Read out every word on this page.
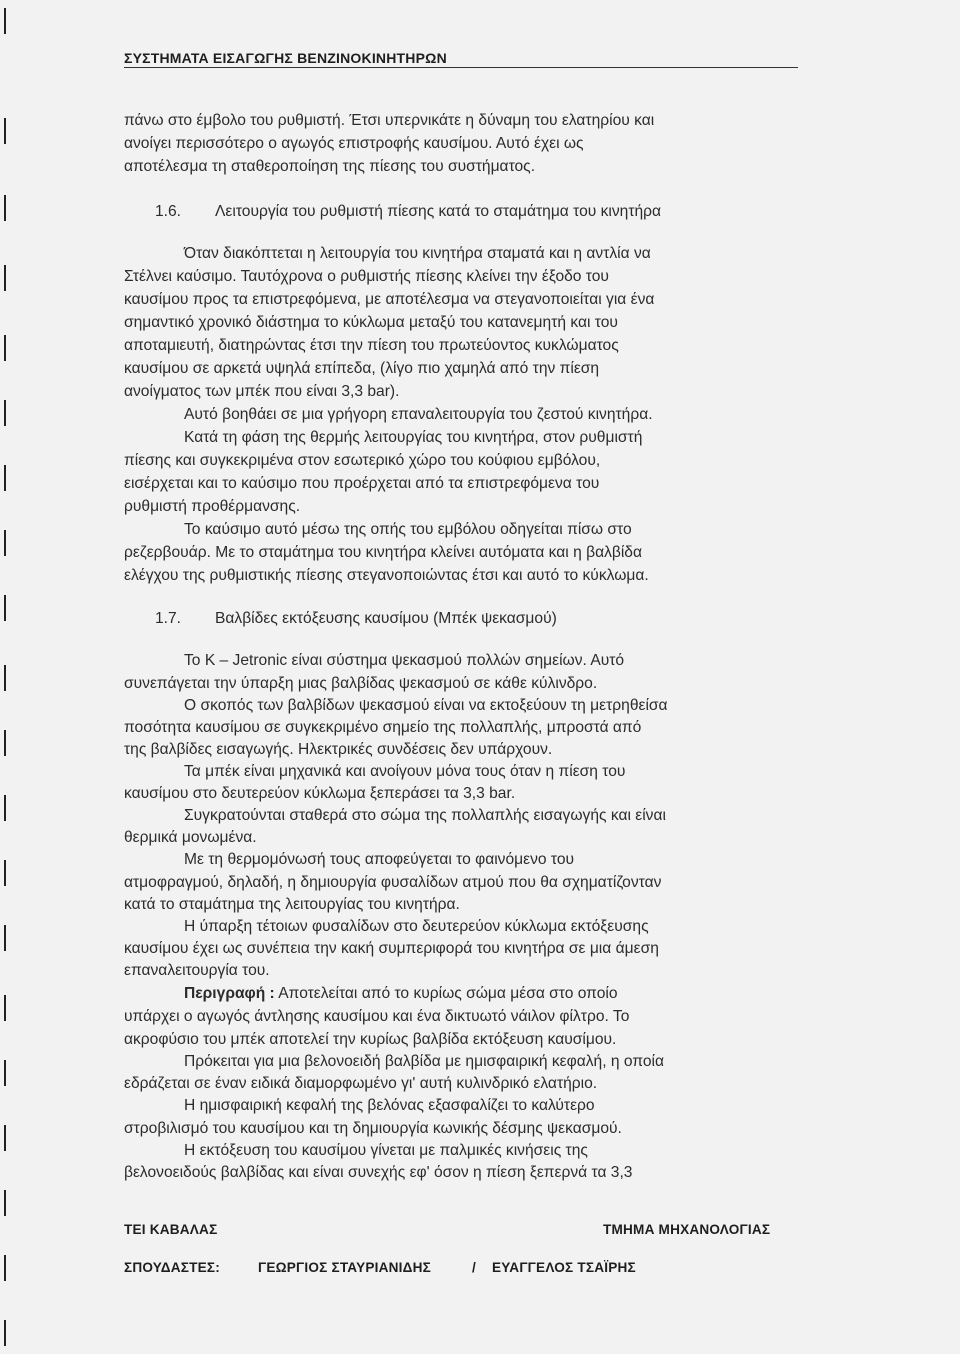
ΣΥΣΤΗΜΑΤΑ ΕΙΣΑΓΩΓΗΣ ΒΕΝΖΙΝΟΚΙΝΗΤΗΡΩΝ
πάνω στο έμβολο του ρυθμιστή. Έτσι υπερνικάτε η δύναμη του ελατηρίου και
ανοίγει περισσότερο ο αγωγός επιστροφής καυσίμου. Αυτό έχει ως
αποτέλεσμα τη σταθεροποίηση της πίεσης του συστήματος.
1.6. Λειτουργία του ρυθμιστή πίεσης κατά το σταμάτημα του κινητήρα
Όταν διακόπτεται η λειτουργία του κινητήρα σταματά και η αντλία να
Στέλνει καύσιμο. Ταυτόχρονα ο ρυθμιστής πίεσης κλείνει την έξοδο του
καυσίμου προς τα επιστρεφόμενα, με αποτέλεσμα να στεγανοποιείται για ένα
σημαντικό χρονικό διάστημα το κύκλωμα μεταξύ του κατανεμητή και του
αποταμιευτή, διατηρώντας έτσι την πίεση του πρωτεύοντος κυκλώματος
καυσίμου σε αρκετά υψηλά επίπεδα, (λίγο πιο χαμηλά από την πίεση
ανοίγματος των μπέκ που είναι 3,3 bar).
Αυτό βοηθάει σε μια γρήγορη επαναλειτουργία του ζεστού κινητήρα.
Κατά τη φάση της θερμής λειτουργίας του κινητήρα, στον ρυθμιστή
πίεσης και συγκεκριμένα στον εσωτερικό χώρο του κούφιου εμβόλου,
εισέρχεται και το καύσιμο που προέρχεται από τα επιστρεφόμενα του
ρυθμιστή προθέρμανσης.
Το καύσιμο αυτό μέσω της οπής του εμβόλου οδηγείται πίσω στο
ρεζερβουάρ. Με το σταμάτημα του κινητήρα κλείνει αυτόματα και η βαλβίδα
ελέγχου της ρυθμιστικής πίεσης στεγανοποιώντας έτσι και αυτό το κύκλωμα.
1.7. Βαλβίδες εκτόξευσης καυσίμου (Μπέκ ψεκασμού)
Το K – Jetronic είναι σύστημα ψεκασμού πολλών σημείων. Αυτό
συνεπάγεται την ύπαρξη μιας βαλβίδας ψεκασμού σε κάθε κύλινδρο.
Ο σκοπός των βαλβίδων ψεκασμού είναι να εκτοξεύουν τη μετρηθείσα
ποσότητα καυσίμου σε συγκεκριμένο σημείο της πολλαπλής, μπροστά από
της βαλβίδες εισαγωγής. Ηλεκτρικές συνδέσεις δεν υπάρχουν.
Τα μπέκ είναι μηχανικά και ανοίγουν μόνα τους όταν η πίεση του
καυσίμου στο δευτερεύον κύκλωμα ξεπεράσει τα 3,3 bar.
Συγκρατούνται σταθερά στο σώμα της πολλαπλής εισαγωγής και είναι
θερμικά μονωμένα.
Με τη θερμομόνωσή τους αποφεύγεται το φαινόμενο του
ατμοφραγμού, δηλαδή, η δημιουργία φυσαλίδων ατμού που θα σχηματίζονταν
κατά το σταμάτημα της λειτουργίας του κινητήρα.
Η ύπαρξη τέτοιων φυσαλίδων στο δευτερεύον κύκλωμα εκτόξευσης
καυσίμου έχει ως συνέπεια την κακή συμπεριφορά του κινητήρα σε μια άμεση
επαναλειτουργία του.
Περιγραφή : Αποτελείται από το κυρίως σώμα μέσα στο οποίο
υπάρχει ο αγωγός άντλησης καυσίμου και ένα δικτυωτό νάιλον φίλτρο. Το
ακροφύσιο του μπέκ αποτελεί την κυρίως βαλβίδα εκτόξευση καυσίμου.
Πρόκειται για μια βελονοειδή βαλβίδα με ημισφαιρική κεφαλή, η οποία
εδράζεται σε έναν ειδικά διαμορφωμένο γι' αυτή κυλινδρικό ελατήριο.
Η ημισφαιρική κεφαλή της βελόνας εξασφαλίζει το καλύτερο
στροβιλισμό του καυσίμου και τη δημιουργία κωνικής δέσμης ψεκασμού.
Η εκτόξευση του καυσίμου γίνεται με παλμικές κινήσεις της
βελονοειδούς βαλβίδας και είναι συνεχής εφ' όσον η πίεση ξεπερνά τα 3,3
ΤΕΙ ΚΑΒΑΛΑΣ	ΤΜΗΜΑ ΜΗΧΑΝΟΛΟΓΙΑΣ
ΣΠΟΥΔΑΣΤΕΣ:	ΓΕΩΡΓΙΟΣ ΣΤΑΥΡΙΑΝΙΔΗΣ	/ ΕΥΑΓΓΕΛΟΣ ΤΣΑΪΡΗΣ
